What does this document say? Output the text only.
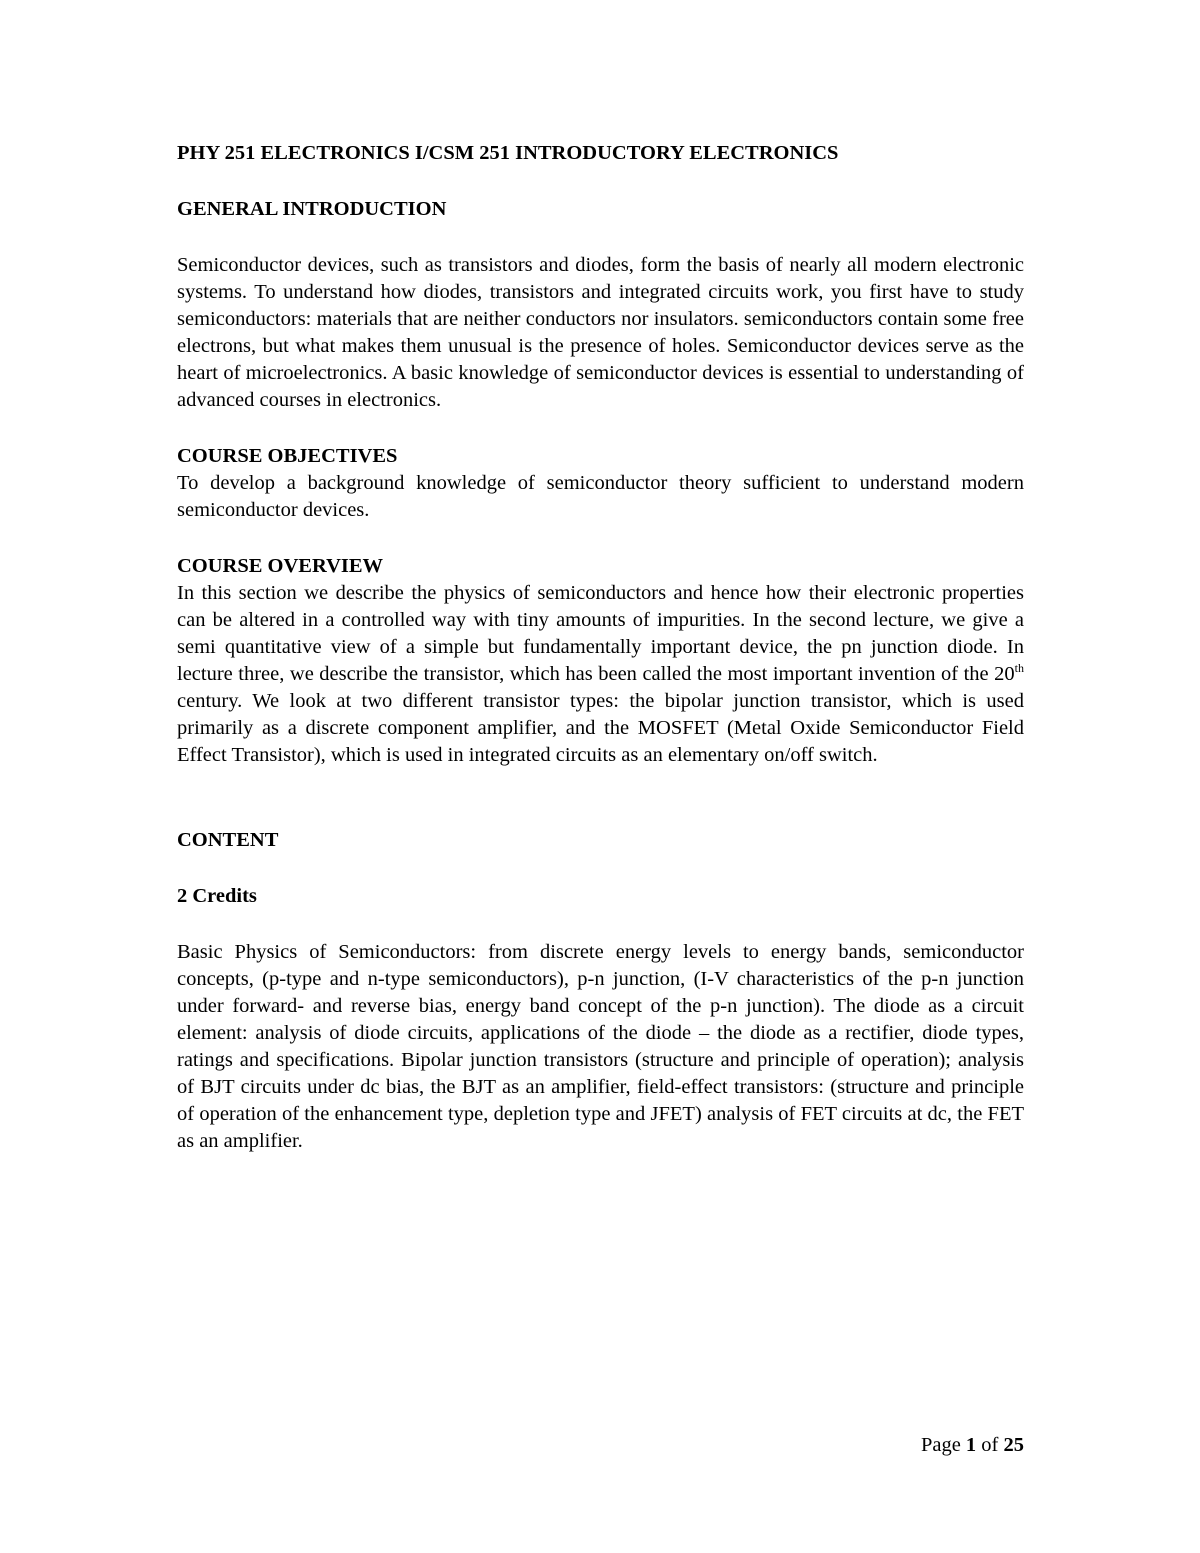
PHY 251 ELECTRONICS I/CSM 251 INTRODUCTORY ELECTRONICS

GENERAL INTRODUCTION

Semiconductor devices, such as transistors and diodes, form the basis of nearly all modern electronic systems. To understand how diodes, transistors and integrated circuits work, you first have to study semiconductors: materials that are neither conductors nor insulators. semiconductors contain some free electrons, but what makes them unusual is the presence of holes. Semiconductor devices serve as the heart of microelectronics. A basic knowledge of semiconductor devices is essential to understanding of advanced courses in electronics.

COURSE OBJECTIVES

To develop a background knowledge of semiconductor theory sufficient to understand modern semiconductor devices.

COURSE OVERVIEW

In this section we describe the physics of semiconductors and hence how their electronic properties can be altered in a controlled way with tiny amounts of impurities. In the second lecture, we give a semi quantitative view of a simple but fundamentally important device, the pn junction diode. In lecture three, we describe the transistor, which has been called the most important invention of the 20th century. We look at two different transistor types: the bipolar junction transistor, which is used primarily as a discrete component amplifier, and the MOSFET (Metal Oxide Semiconductor Field Effect Transistor), which is used in integrated circuits as an elementary on/off switch.

CONTENT

2 Credits

Basic Physics of Semiconductors: from discrete energy levels to energy bands, semiconductor concepts, (p-type and n-type semiconductors), p-n junction, (I-V characteristics of the p-n junction under forward- and reverse bias, energy band concept of the p-n junction). The diode as a circuit element: analysis of diode circuits, applications of the diode – the diode as a rectifier, diode types, ratings and specifications. Bipolar junction transistors (structure and principle of operation); analysis of BJT circuits under dc bias, the BJT as an amplifier, field-effect transistors: (structure and principle of operation of the enhancement type, depletion type and JFET) analysis of FET circuits at dc, the FET as an amplifier.

Page 1 of 25
